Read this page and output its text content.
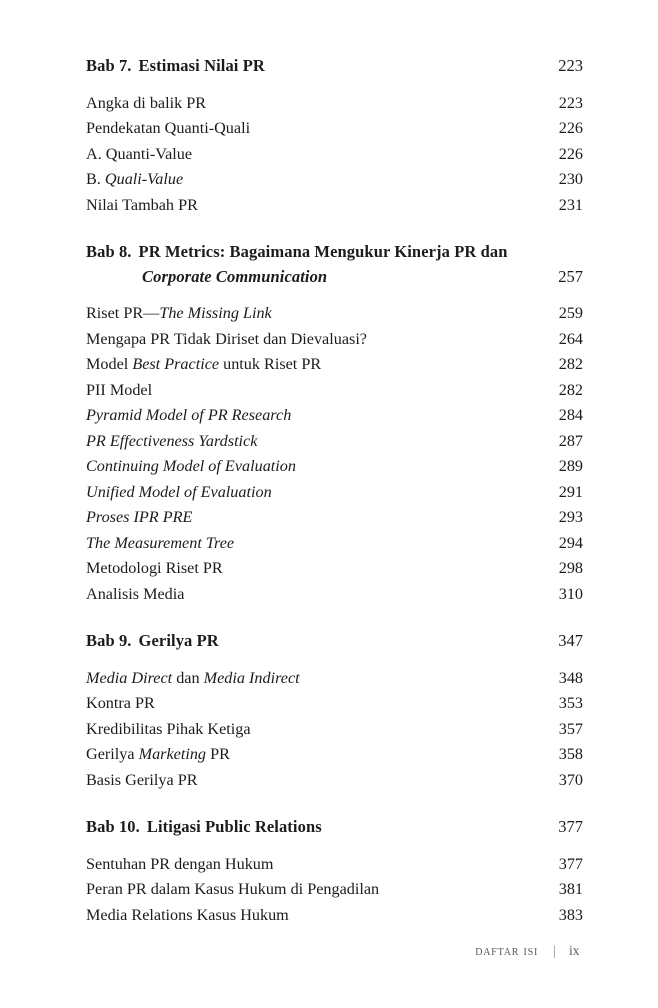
Bab 7. Estimasi Nilai PR	223
Angka di balik PR	223
Pendekatan Quanti-Quali	226
A. Quanti-Value	226
B. Quali-Value	230
Nilai Tambah PR	231
Bab 8. PR Metrics: Bagaimana Mengukur Kinerja PR dan
Corporate Communication	257
Riset PR—The Missing Link	259
Mengapa PR Tidak Diriset dan Dievaluasi?	264
Model Best Practice untuk Riset PR	282
PII Model	282
Pyramid Model of PR Research	284
PR Effectiveness Yardstick	287
Continuing Model of Evaluation	289
Unified Model of Evaluation	291
Proses IPR PRE	293
The Measurement Tree	294
Metodologi Riset PR	298
Analisis Media	310
Bab 9. Gerilya PR	347
Media Direct dan Media Indirect	348
Kontra PR	353
Kredibilitas Pihak Ketiga	357
Gerilya Marketing PR	358
Basis Gerilya PR	370
Bab 10. Litigasi Public Relations	377
Sentuhan PR dengan Hukum	377
Peran PR dalam Kasus Hukum di Pengadilan	381
Media Relations Kasus Hukum	383
daftar isi | ix
